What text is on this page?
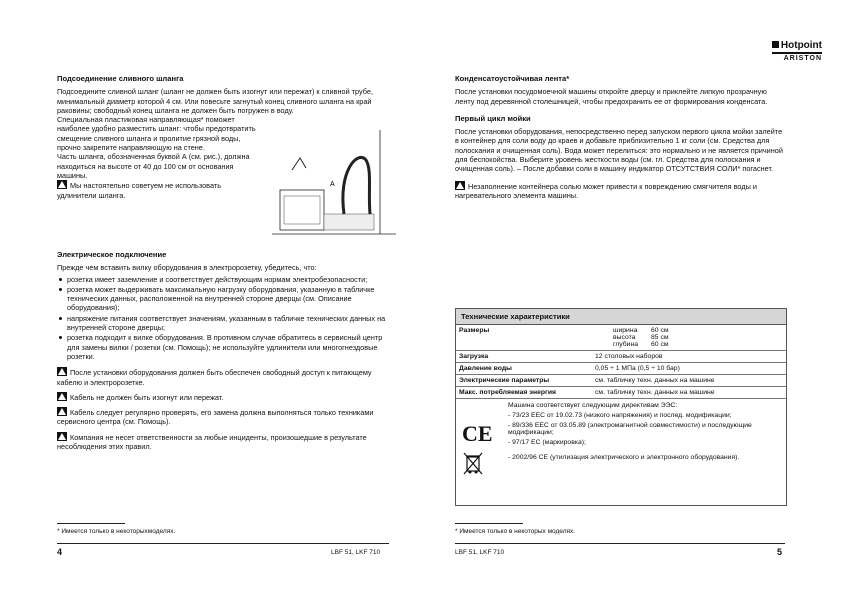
Подсоединение сливного шланга

Подсоедините сливной шланг (шланг не должен быть изогнут или пережат) к сливной трубе, минимальный диаметр которой 4 см. Или повесьте загнутый конец сливного шланга на край раковины; свободный конец шланга не должен быть погружен в воду.

Специальная пластиковая направляющая* поможет наиболее удобно разместить шланг: чтобы предотвратить смещение сливного шланга и пролитие грязной воды, прочно закрепите направляющую на стене.

Часть шланга, обозначенная буквой А (см. рис.), должна находиться на высоте от 40 до 100 см от основания машины.

Мы настоятельно советуем не использовать удлинители шланга.

A
Электрическое подключение

Прежде чем вставить вилку оборудования в электророзетку, убедитесь, что:

розетка имеет заземление и соответствует действующим нормам электробезопасности;
розетка может выдерживать максимальную нагрузку оборудования, указанную в табличке технических данных, расположенной на внутренней стороне дверцы (см. Описание оборудования);
напряжение питания соответствует значениям, указанным в табличке технических данных на внутренней стороне дверцы;
розетка подходит к вилке оборудования. В противном случае обратитесь в сервисный центр для замены вилки / розетки (см. Помощь); не используйте удлинители или многогнездовые розетки.

После установки оборудования должен быть обеспечен свободный доступ к питающему кабелю и электророзетке.

Кабель не должен быть изогнут или пережат.

Кабель следует регулярно проверять, его замена должна выполняться только техниками сервисного центра (см. Помощь).

Компания не несет ответственности за любые инциденты, произошедшие в результате несоблюдения этих правил.

* Имеется только в некоторыхмоделях.
4	LBF 51, LKF 710
Hotpoint
ARISTON
Конденсатоустойчивая лента*

После установки посудомоечной машины откройте дверцу и приклейте липкую прозрачную ленту под деревянной столешницей, чтобы предохранить ее от формирования конденсата.

Первый цикл мойки

После установки оборудования, непосредственно перед запуском первого цикла мойки залейте в контейнер для соли воду до краев и добавьте приблизительно 1 кг соли (см. Средства для полоскания и очищенная соль). Вода может перелиться: это нормально и не является причиной для беспокойства. Выберите уровень жесткости воды (см. гл. Средства для полоскания и очищенная соль). – После добавки соли в машину индикатор ОТСУТСТВИЯ СОЛИ* погаснет.

Незаполнение контейнера солью может привести к повреждению смягчителя воды и нагревательного элемента машины.

* Имеется только в некоторых моделях.
LBF 51, LKF 710	5
Технические характеристики
Размеры	ширина	60 см
высота	85 см
глубина	60 см
Загрузка	12 столовых наборов
Давление воды	0,05 ÷ 1 МПа (0,5 ÷ 10 бар)
Электрические параметры	см. табличку техн. данных на машине
Макс. потребляемая энергия	см. табличку техн. данных на машине

Машина соответствует следующим директивам ЭЭС:

CE

- 73/23 EEC от 19.02.73 (низкого напряжения) и послед. модификации;

- 89/336 EEC от 03.05.89 (электромагнитной совместимости) и последующие модификации;

- 97/17 EC (маркировка);

- 2002/96 CE (утилизация электрического и электронного оборудования).
